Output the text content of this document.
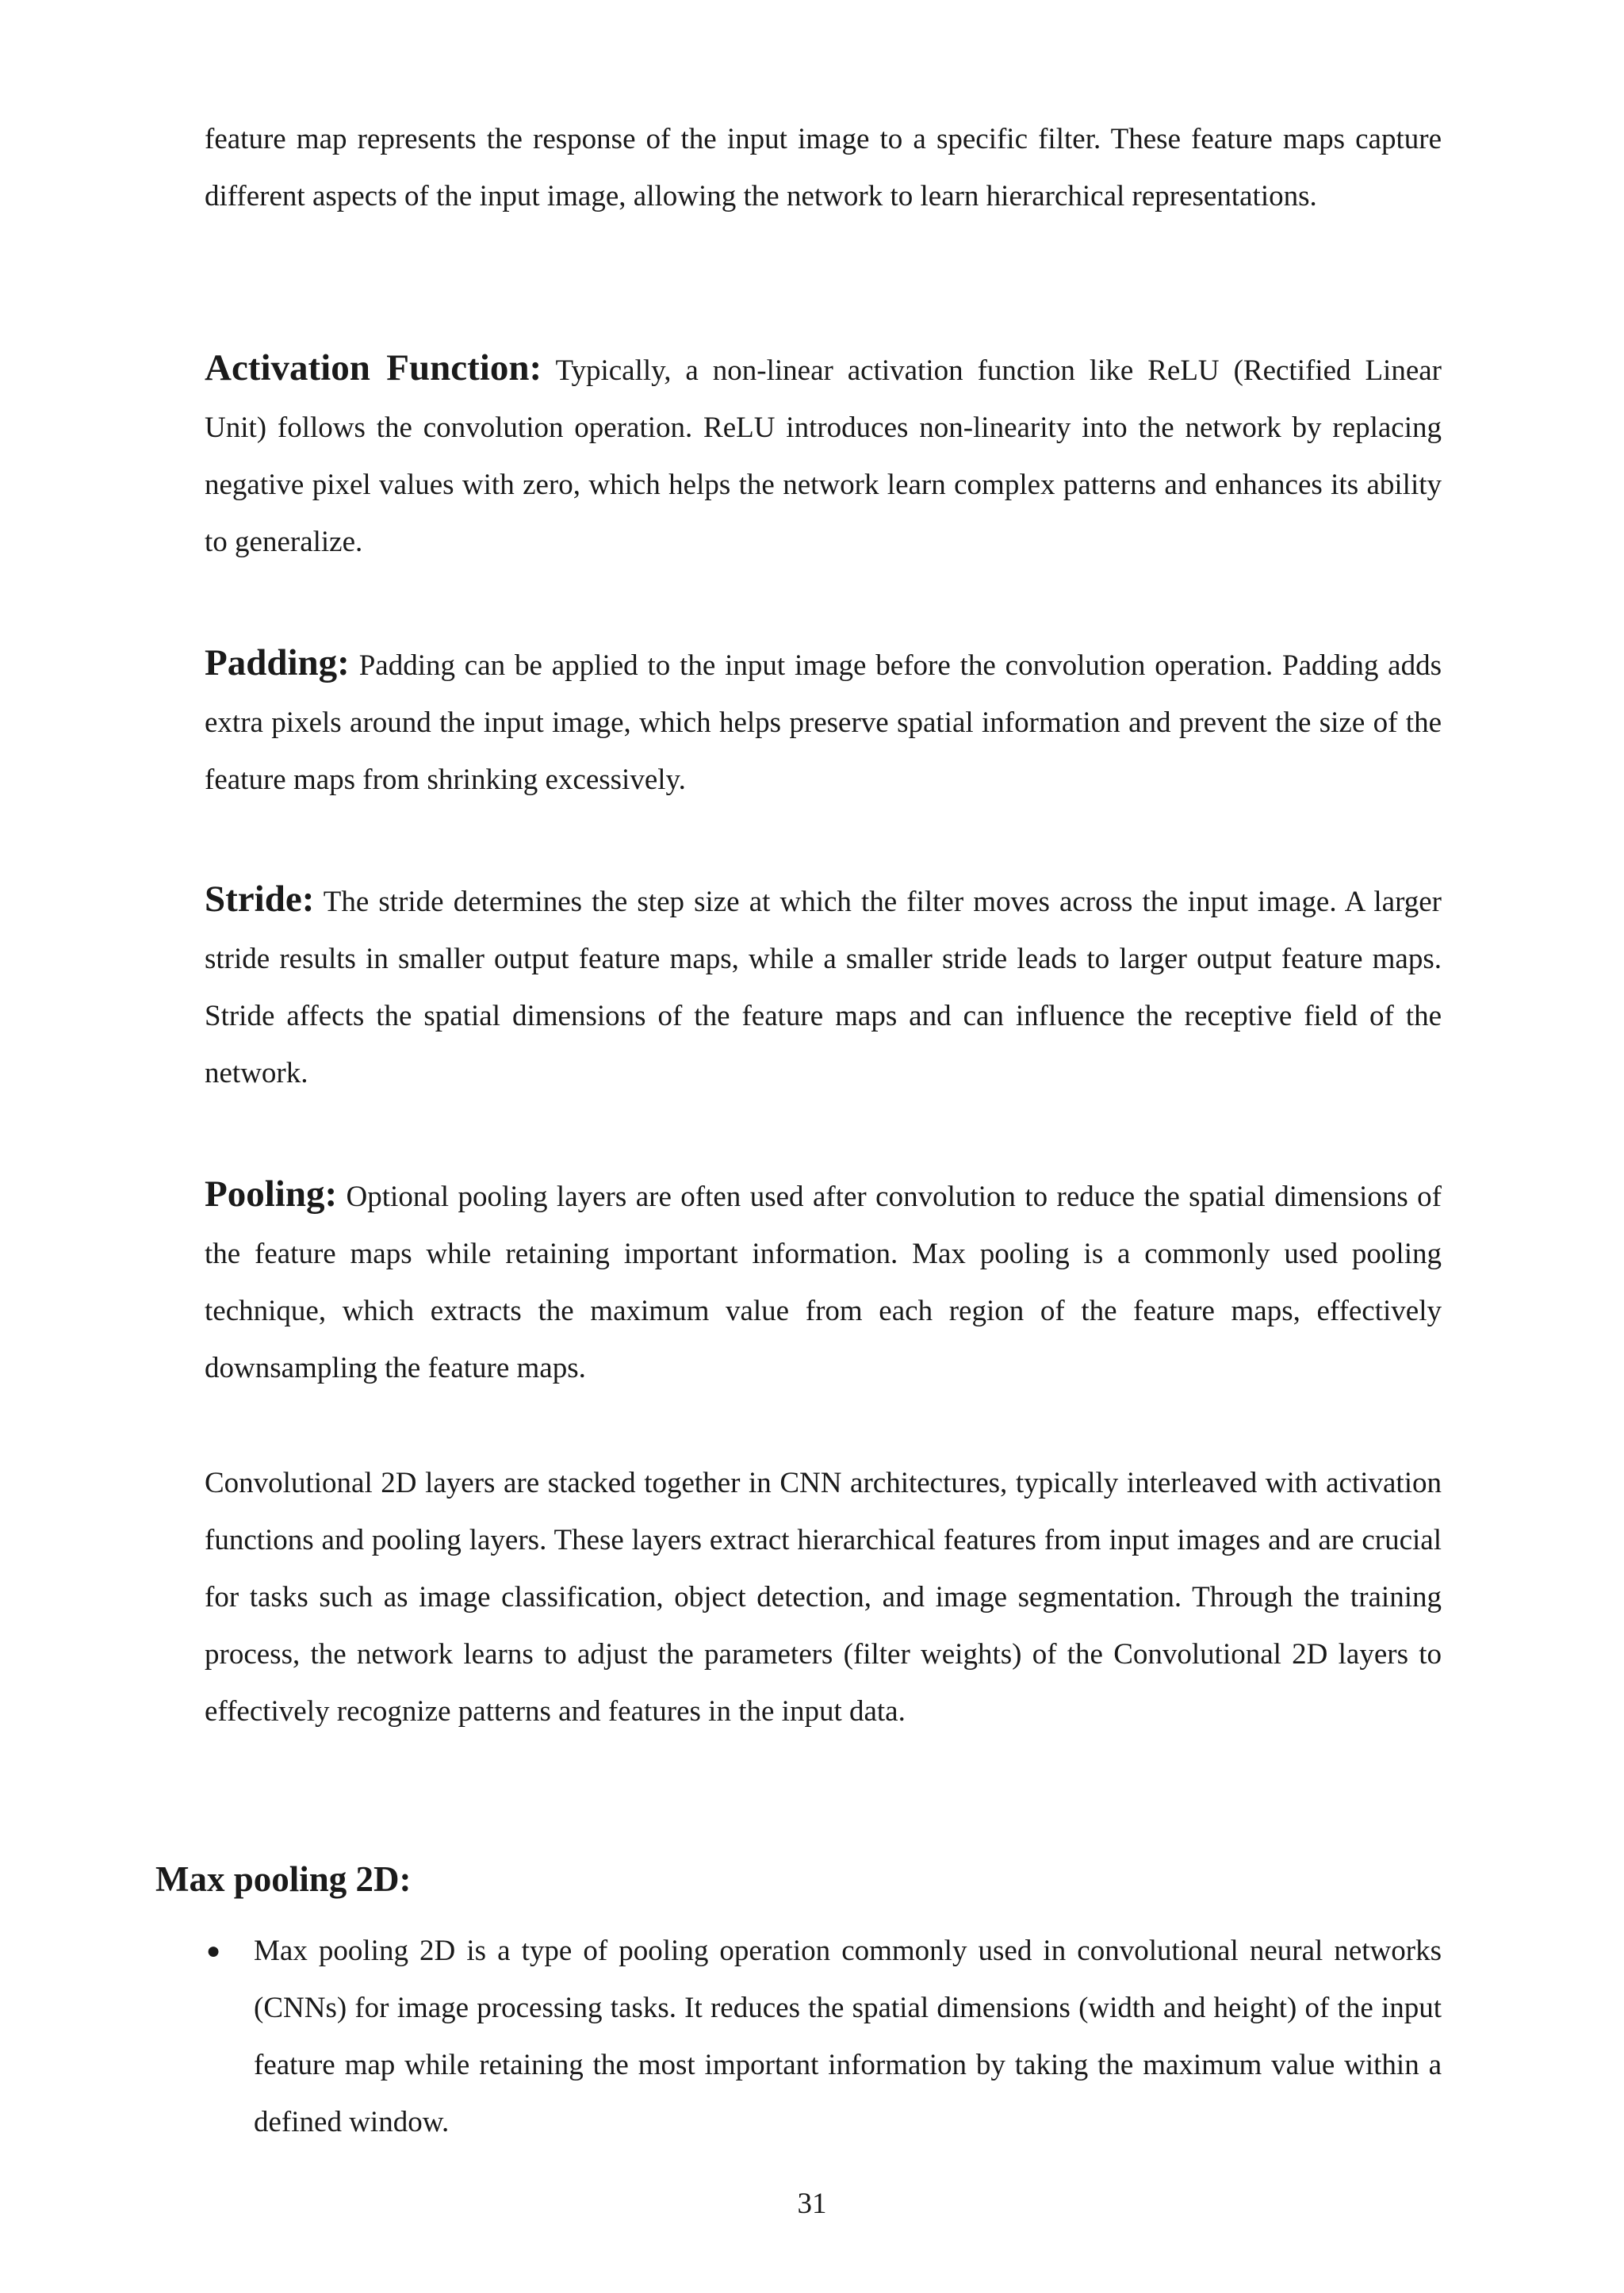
feature map represents the response of the input image to a specific filter. These feature maps capture different aspects of the input image, allowing the network to learn hierarchical representations.

Activation Function: Typically, a non-linear activation function like ReLU (Rectified Linear Unit) follows the convolution operation. ReLU introduces non-linearity into the network by replacing negative pixel values with zero, which helps the network learn complex patterns and enhances its ability to generalize.

Padding: Padding can be applied to the input image before the convolution operation. Padding adds extra pixels around the input image, which helps preserve spatial information and prevent the size of the feature maps from shrinking excessively.

Stride: The stride determines the step size at which the filter moves across the input image. A larger stride results in smaller output feature maps, while a smaller stride leads to larger output feature maps. Stride affects the spatial dimensions of the feature maps and can influence the receptive field of the network.

Pooling: Optional pooling layers are often used after convolution to reduce the spatial dimensions of the feature maps while retaining important information. Max pooling is a commonly used pooling technique, which extracts the maximum value from each region of the feature maps, effectively downsampling the feature maps.

Convolutional 2D layers are stacked together in CNN architectures, typically interleaved with activation functions and pooling layers. These layers extract hierarchical features from input images and are crucial for tasks such as image classification, object detection, and image segmentation. Through the training process, the network learns to adjust the parameters (filter weights) of the Convolutional 2D layers to effectively recognize patterns and features in the input data.

Max pooling 2D:
● Max pooling 2D is a type of pooling operation commonly used in convolutional neural networks (CNNs) for image processing tasks. It reduces the spatial dimensions (width and height) of the input feature map while retaining the most important information by taking the maximum value within a defined window.

31
